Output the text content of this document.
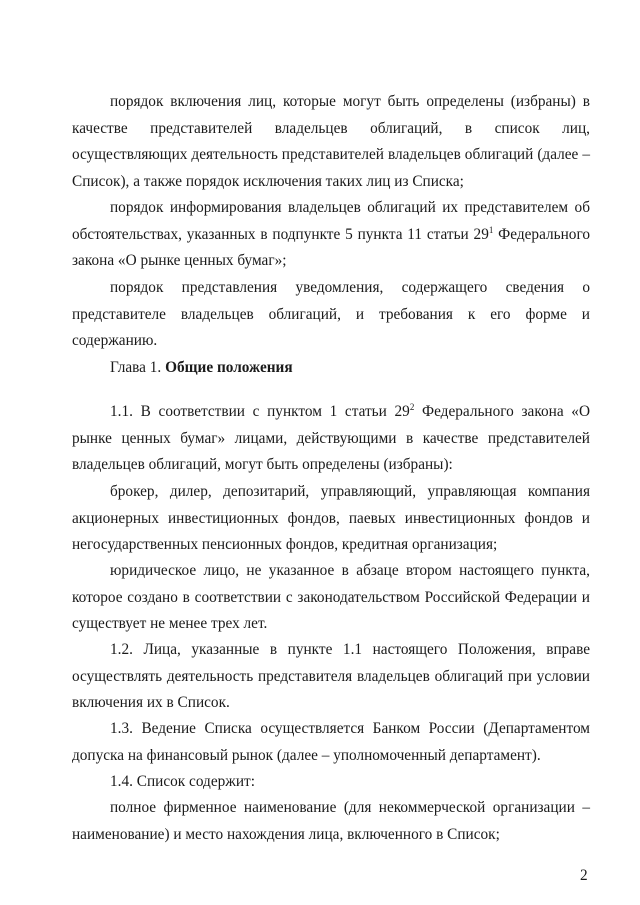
порядок включения лиц, которые могут быть определены (избраны) в качестве представителей владельцев облигаций, в список лиц, осуществляющих деятельность представителей владельцев облигаций (далее – Список), а также порядок исключения таких лиц из Списка;

порядок информирования владельцев облигаций их представителем об обстоятельствах, указанных в подпункте 5 пункта 11 статьи $29^1$ Федерального закона «О рынке ценных бумаг»;

порядок представления уведомления, содержащего сведения о представителе владельцев облигаций, и требования к его форме и содержанию.

Глава 1. Общие положения

1.1. В соответствии с пунктом 1 статьи $29^2$ Федерального закона «О рынке ценных бумаг» лицами, действующими в качестве представителей владельцев облигаций, могут быть определены (избраны):

брокер, дилер, депозитарий, управляющий, управляющая компания акционерных инвестиционных фондов, паевых инвестиционных фондов и негосударственных пенсионных фондов, кредитная организация;

юридическое лицо, не указанное в абзаце втором настоящего пункта, которое создано в соответствии с законодательством Российской Федерации и существует не менее трех лет.

1.2. Лица, указанные в пункте 1.1 настоящего Положения, вправе осуществлять деятельность представителя владельцев облигаций при условии включения их в Список.

1.3. Ведение Списка осуществляется Банком России (Департаментом допуска на финансовый рынок (далее – уполномоченный департамент).

1.4. Список содержит:

полное фирменное наименование (для некоммерческой организации – наименование) и место нахождения лица, включенного в Список;

2
